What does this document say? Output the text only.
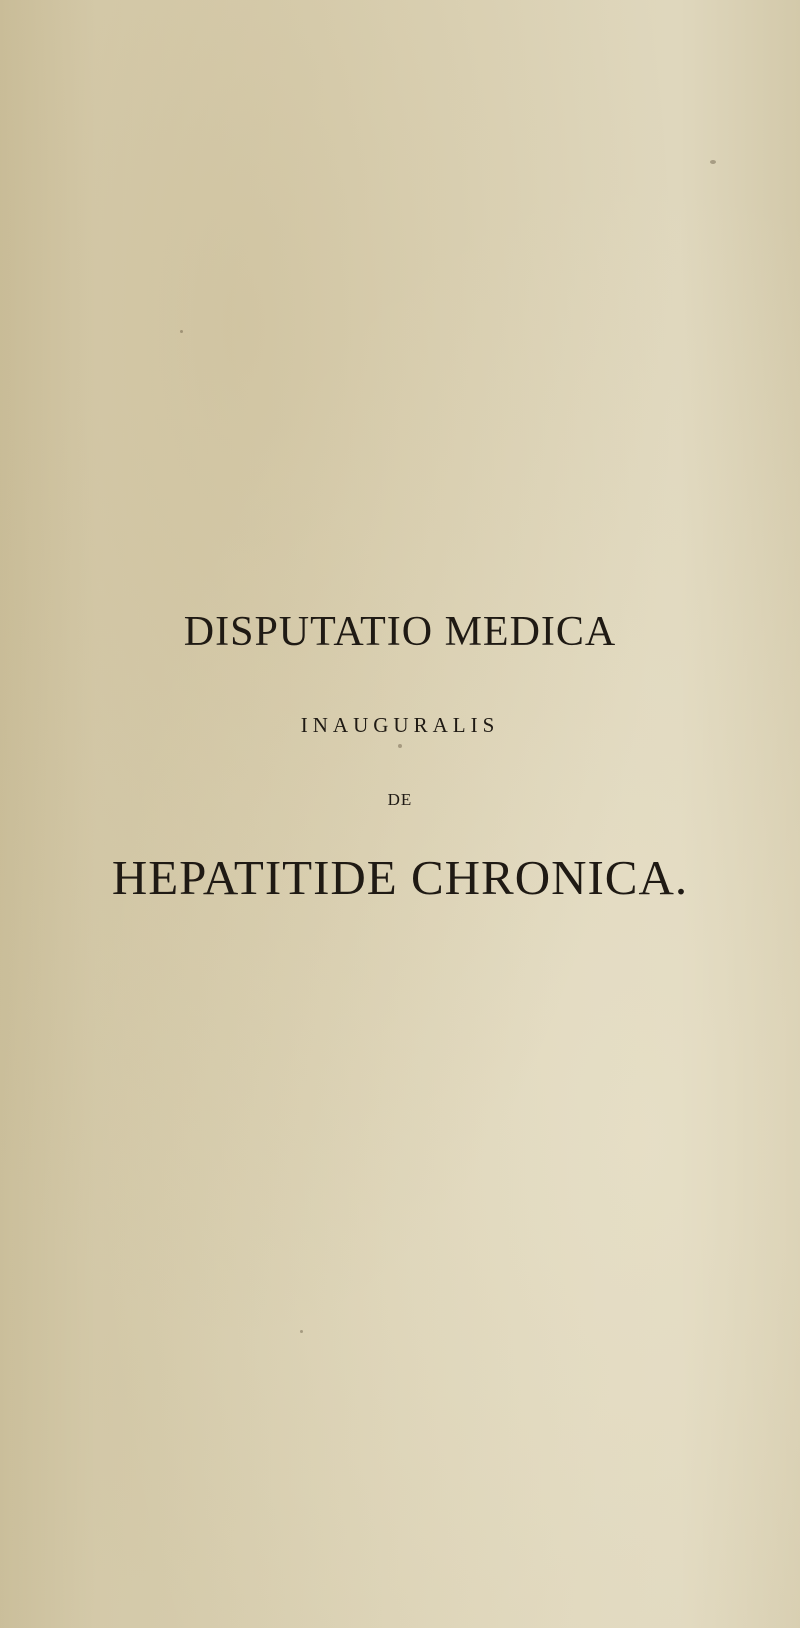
DISPUTATIO MEDICA
INAUGURALIS
DE
HEPATITIDE CHRONICA.
